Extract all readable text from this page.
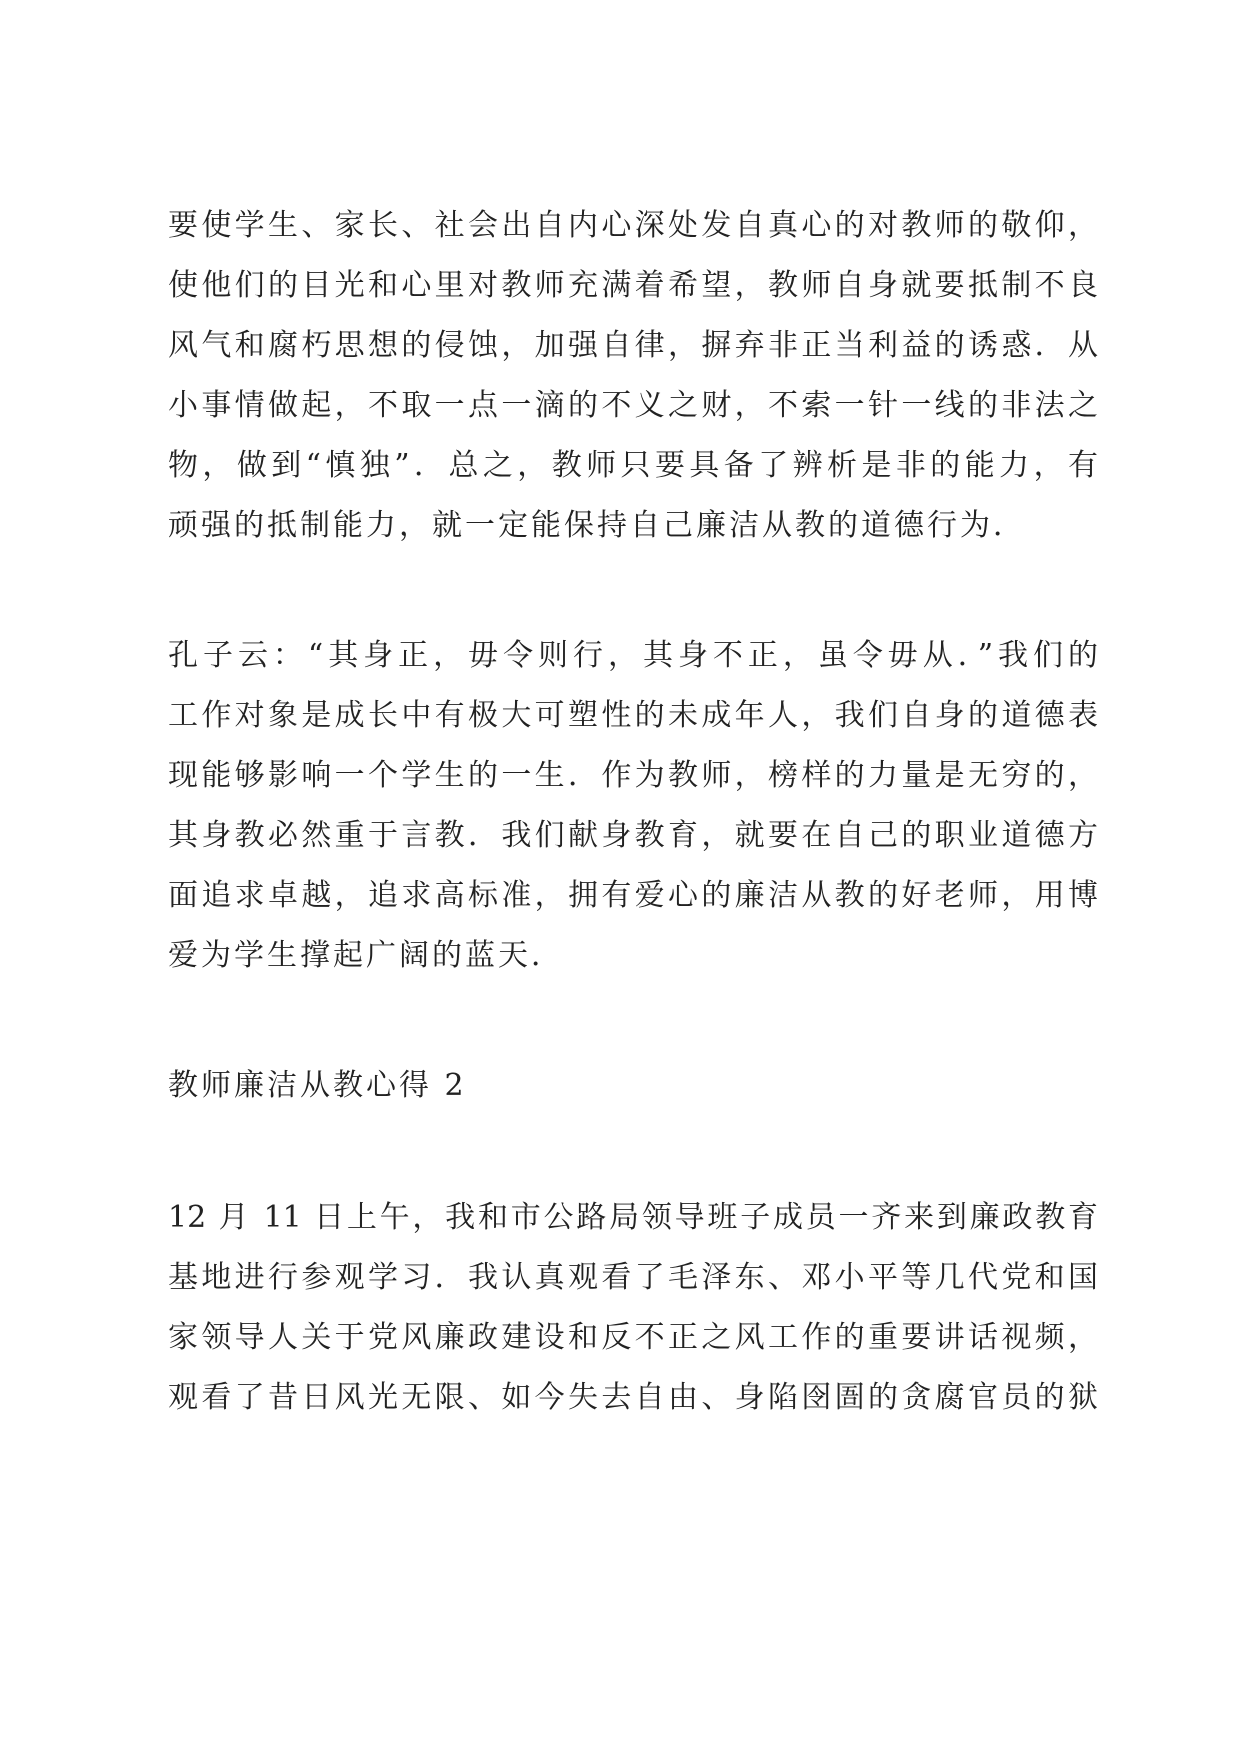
要使学生、家长、社会出自内心深处发自真心的对教师的敬仰，
使他们的目光和心里对教师充满着希望，教师自身就要抵制不良
风气和腐朽思想的侵蚀，加强自律，摒弃非正当利益的诱惑．从
小事情做起，不取一点一滴的不义之财，不索一针一线的非法之
物，做到“慎独”．总之，教师只要具备了辨析是非的能力，有
顽强的抵制能力，就一定能保持自己廉洁从教的道德行为．
孔子云：“其身正，毋令则行，其身不正，虽令毋从．”我们的
工作对象是成长中有极大可塑性的未成年人，我们自身的道德表
现能够影响一个学生的一生．作为教师，榜样的力量是无穷的，
其身教必然重于言教．我们献身教育，就要在自己的职业道德方
面追求卓越，追求高标准，拥有爱心的廉洁从教的好老师，用博
爱为学生撑起广阔的蓝天．
教师廉洁从教心得 2
12 月 11 日上午，我和市公路局领导班子成员一齐来到廉政教育
基地进行参观学习．我认真观看了毛泽东、邓小平等几代党和国
家领导人关于党风廉政建设和反不正之风工作的重要讲话视频，
观看了昔日风光无限、如今失去自由、身陷囹圄的贪腐官员的狱
